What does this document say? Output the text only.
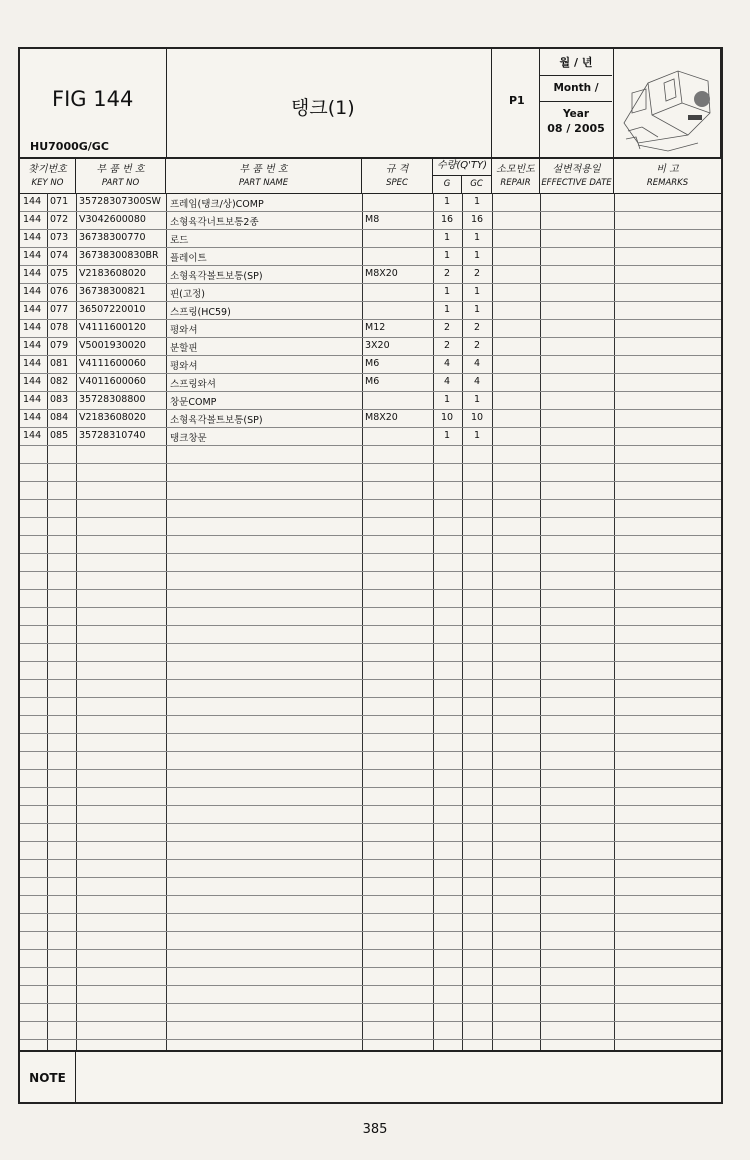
FIG 144
HU7000G/GC
탱크(1)	P1
월 / 년
Month / Year
08 / 2005
찾기번호
KEY NO
부 품 번 호
PART NO
부 품 번 호
PART NAME
규 격
SPEC
수량(Q'TY)
G	GC
소모빈도
REPAIR
설변적용일
EFFECTIVE DATE
비 고
REMARKS
144 071 35728307300SW 프레임(탱크/상)COMP	1	1
144 072 V3042600080	소형육각너트보통2종	M8	16 16
144 073 36738300770	로드	1	1
144 074 36738300830BR 플레이트	1	1
144 075 V2183608020	소형육각볼트보통(SP)	M8X20	2	2
144 076 36738300821	핀(고정)	1	1
144 077 36507220010	스프링(HC59)	1	1
144 078 V4111600120	평와셔	M12	2	2
144 079 V5001930020	분할핀	3X20	2	2
144 081 V4111600060	평와셔	M6	4	4
144 082 V4011600060	스프링와셔	M6	4	4
144 083 35728308800	창문COMP	1	1
144 084 V2183608020	소형육각볼트보통(SP)	M8X20	10 10
144 085 35728310740	탱크창문	1	1
NOTE
385
